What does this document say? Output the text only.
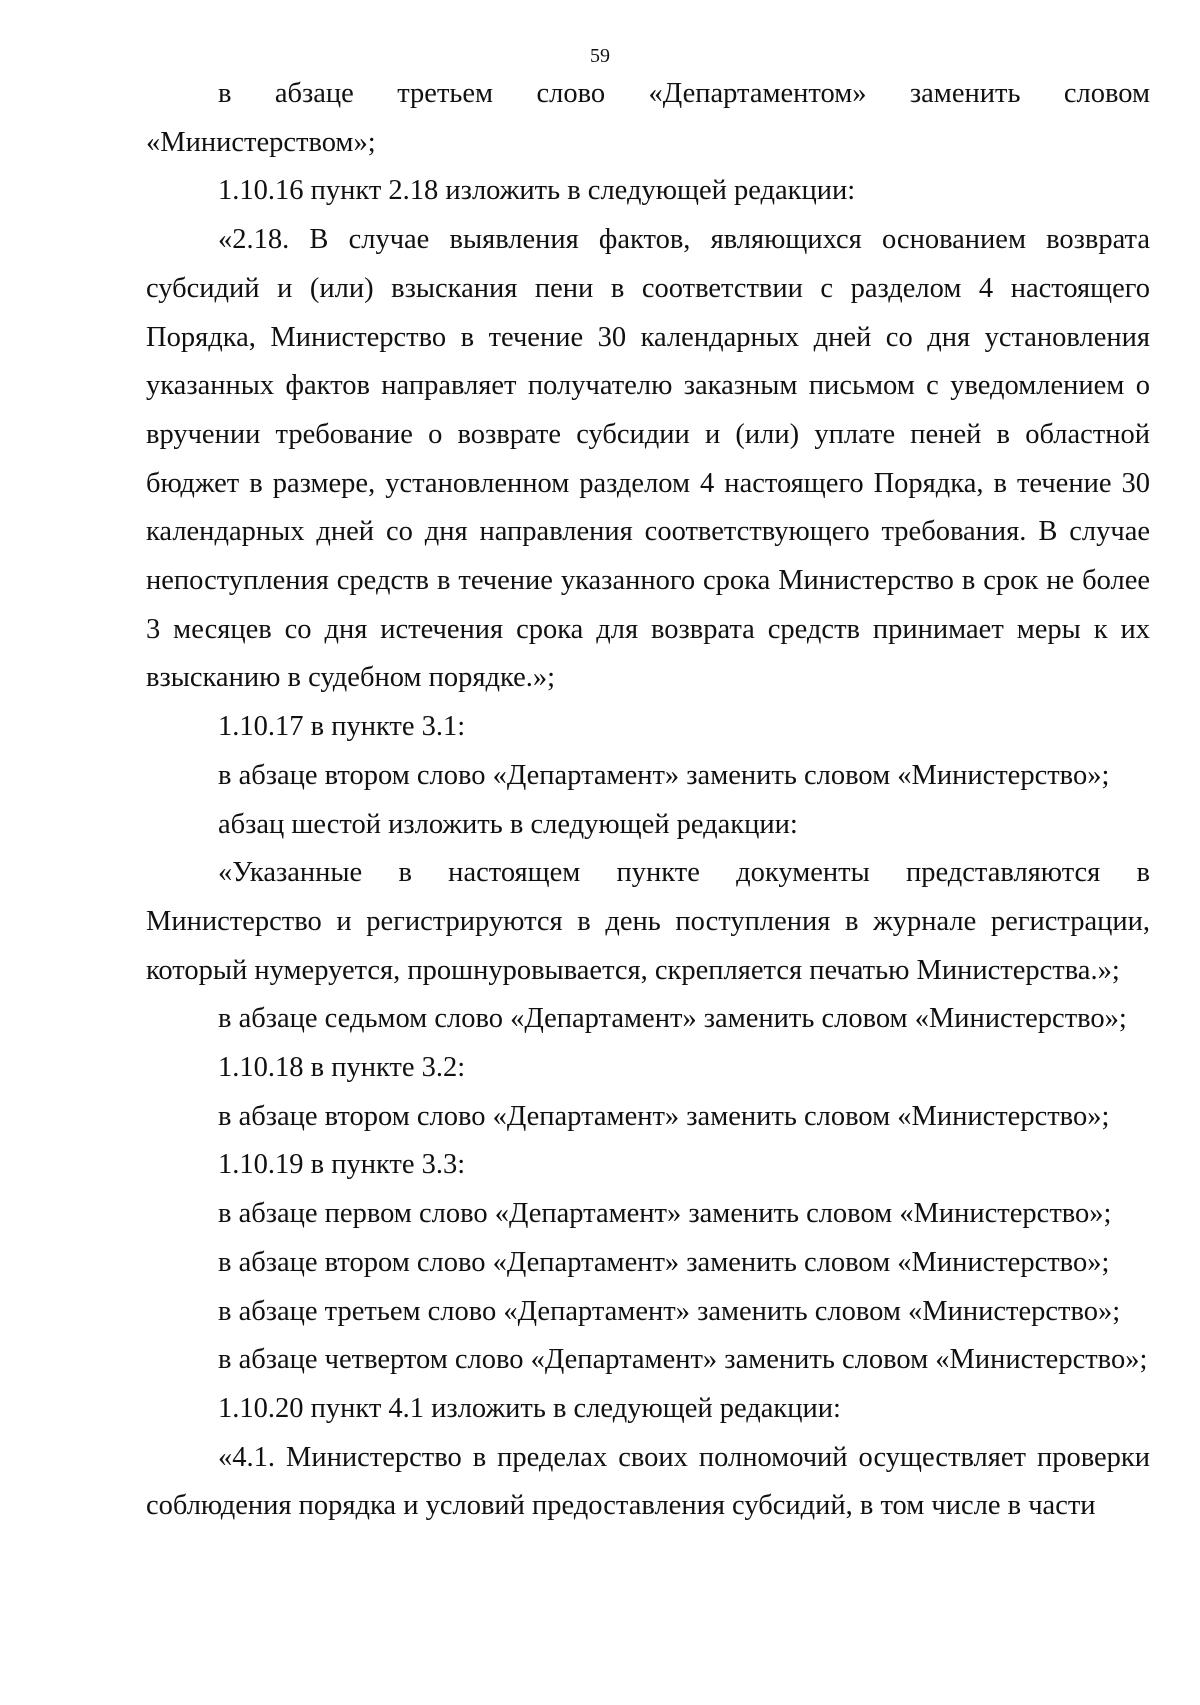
59

в абзаце третьем слово «Департаментом» заменить словом «Министерством»;

1.10.16 пункт 2.18 изложить в следующей редакции:

«2.18. В случае выявления фактов, являющихся основанием возврата субсидий и (или) взыскания пени в соответствии с разделом 4 настоящего Порядка, Министерство в течение 30 календарных дней со дня установления указанных фактов направляет получателю заказным письмом с уведомлением о вручении требование о возврате субсидии и (или) уплате пеней в областной бюджет в размере, установленном разделом 4 настоящего Порядка, в течение 30 календарных дней со дня направления соответствующего требования. В случае непоступления средств в течение указанного срока Министерство в срок не более 3 месяцев со дня истечения срока для возврата средств принимает меры к их взысканию в судебном порядке.»;

1.10.17 в пункте 3.1:

в абзаце втором слово «Департамент» заменить словом «Министерство»;

абзац шестой изложить в следующей редакции:

«Указанные в настоящем пункте документы представляются в Министерство и регистрируются в день поступления в журнале регистрации, который нумеруется, прошнуровывается, скрепляется печатью Министерства.»;

в абзаце седьмом слово «Департамент» заменить словом «Министерство»;

1.10.18 в пункте 3.2:

в абзаце втором слово «Департамент» заменить словом «Министерство»;

1.10.19 в пункте 3.3:

в абзаце первом слово «Департамент» заменить словом «Министерство»;

в абзаце втором слово «Департамент» заменить словом «Министерство»;

в абзаце третьем слово «Департамент» заменить словом «Министерство»;

в абзаце четвертом слово «Департамент» заменить словом «Министерство»;

1.10.20 пункт 4.1 изложить в следующей редакции:

«4.1. Министерство в пределах своих полномочий осуществляет проверки соблюдения порядка и условий предоставления субсидий, в том числе в части
